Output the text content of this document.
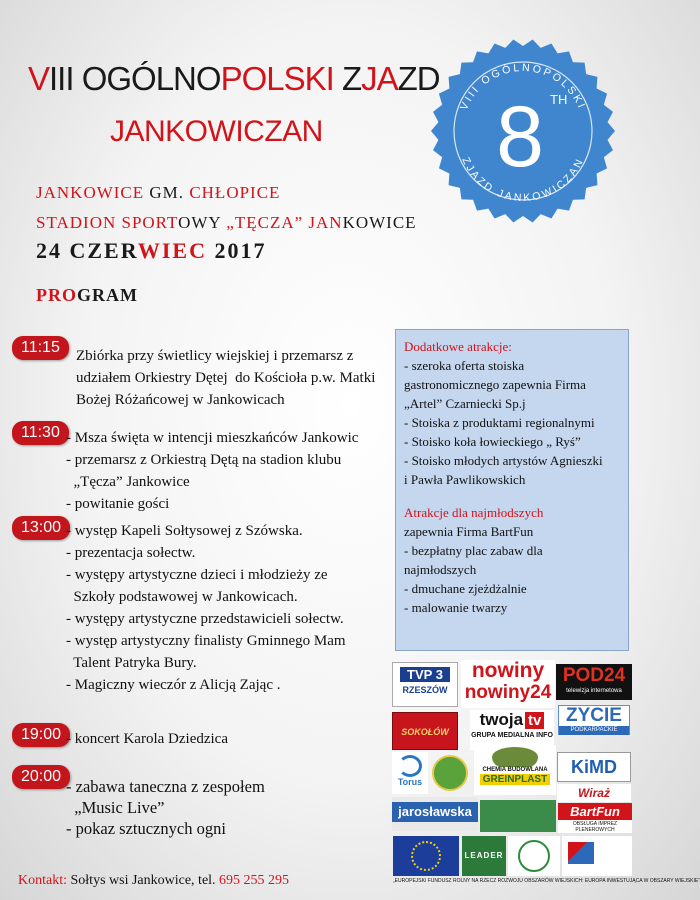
VIII OGÓLNOPOLSKI ZJAZD
JANKOWICZAN
VIII OGÓLNOPOLSKI
ZJAZD JANKOWICZAN
8 TH
JANKOWICE GM. CHŁOPICE
STADION SPORTOWY „TĘCZA” JANKOWICE
24 CZERWIEC 2017
PROGRAM
11:15	Zbiórka przy świetlicy wiejskiej i przemarsz z
udziałem Orkiestry Dętej  do Kościoła p.w. Matki
Bożej Różańcowej w Jankowicach
11:30 - Msza święta w intencji mieszkańców Jankowic
- przemarsz z Orkiestrą Dętą na stadion klubu
„Tęcza” Jankowice
- powitanie gości
13:00 - występ Kapeli Sołtysowej z Szówska.
- prezentacja sołectw.
- występy artystyczne dzieci i młodzieży ze
Szkoły podstawowej w Jankowicach.
- występy artystyczne przedstawicieli sołectw.
- występ artystyczny finalisty Gminnego Mam
Talent Patryka Bury.
- Magiczny wieczór z Alicją Zając .
19:00 - koncert Karola Dziedzica
20:00
- zabawa taneczna z zespołem
„Music Live”
- pokaz sztucznych ogni
Dodatkowe atrakcje:
- szeroka oferta stoiska
gastronomicznego zapewnia Firma
„Artel” Czarniecki Sp.j
- Stoiska z produktami regionalnymi
- Stoisko koła łowieckiego „ Ryś”
- Stoisko młodych artystów Agnieszki
i Pawła Pawlikowskich
Atrakcje dla najmłodszych
zapewnia Firma BartFun
- bezpłatny plac zabaw dla
najmłodszych
- dmuchane zjeżdżalnie
- malowanie twarzy
TVP 3
RZESZÓW
nowiny
nowiny24
POD24
telewizja internetowa
SOKOŁÓW
twoja tv
GRUPA MEDIALNA INFO
ZYCIE
PODKARPACKIE
Torus
CHEMIA BUDOWLANA
GREINPLAST
KiMD
Wiraż
jarosławska	BartFun
OBSŁUGA IMPREZ PLENEROWYCH
LEADER
„EUROPEJSKI FUNDUSZ ROLNY NA RZECZ ROZWOJU OBSZARÓW WIEJSKICH: EUROPA INWESTUJĄCA W OBSZARY WIEJSKIE”
Kontakt: Sołtys wsi Jankowice, tel. 695 255 295
